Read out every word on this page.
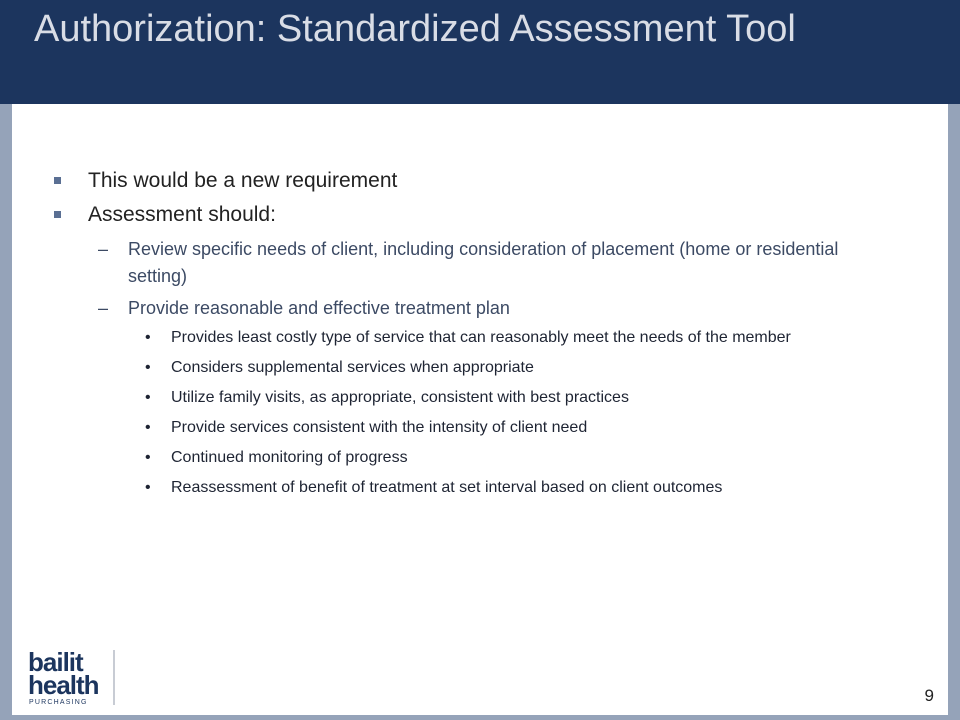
Authorization: Standardized Assessment Tool
This would be a new requirement
Assessment should:
– Review specific needs of client, including consideration of placement (home or residential setting)
– Provide reasonable and effective treatment plan
• Provides least costly type of service that can reasonably meet the needs of the member
• Considers supplemental services when appropriate
• Utilize family visits, as appropriate, consistent with best practices
• Provide services consistent with the intensity of client need
• Continued monitoring of progress
• Reassessment of benefit of treatment at set interval based on client outcomes
bailit
health
PURCHASING	9
